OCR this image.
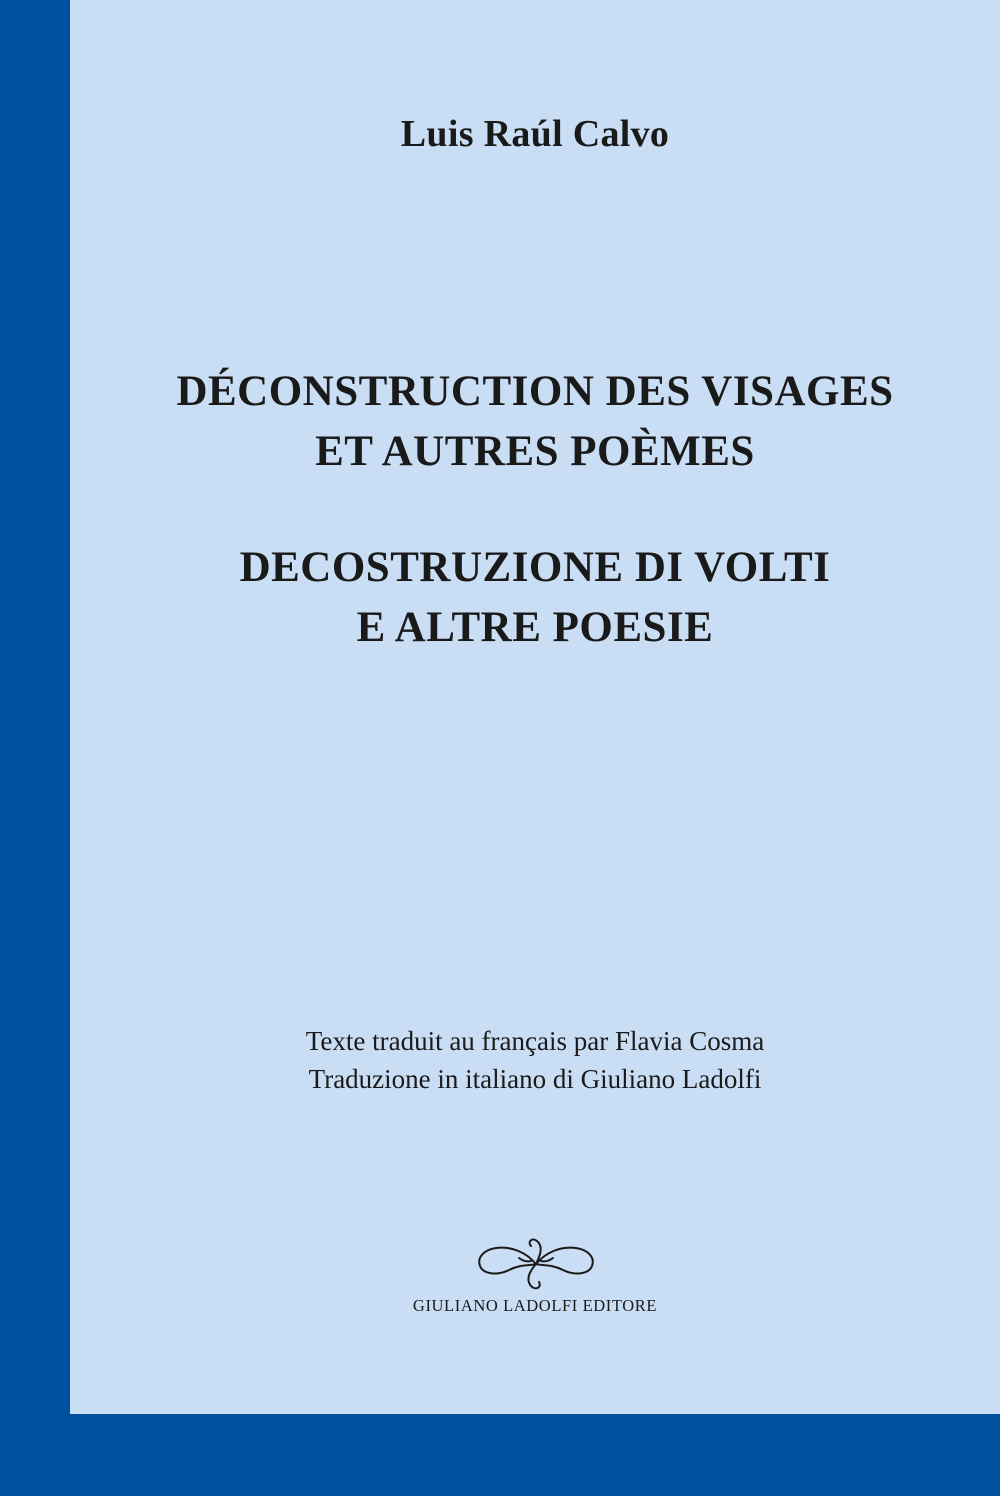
Luis Raúl Calvo
DÉCONSTRUCTION DES VISAGES
ET AUTRES POÈMES
DECOSTRUZIONE DI VOLTI
E ALTRE POESIE
Texte traduit au français par Flavia Cosma
Traduzione in italiano di Giuliano Ladolfi
GIULIANO LADOLFI EDITORE
